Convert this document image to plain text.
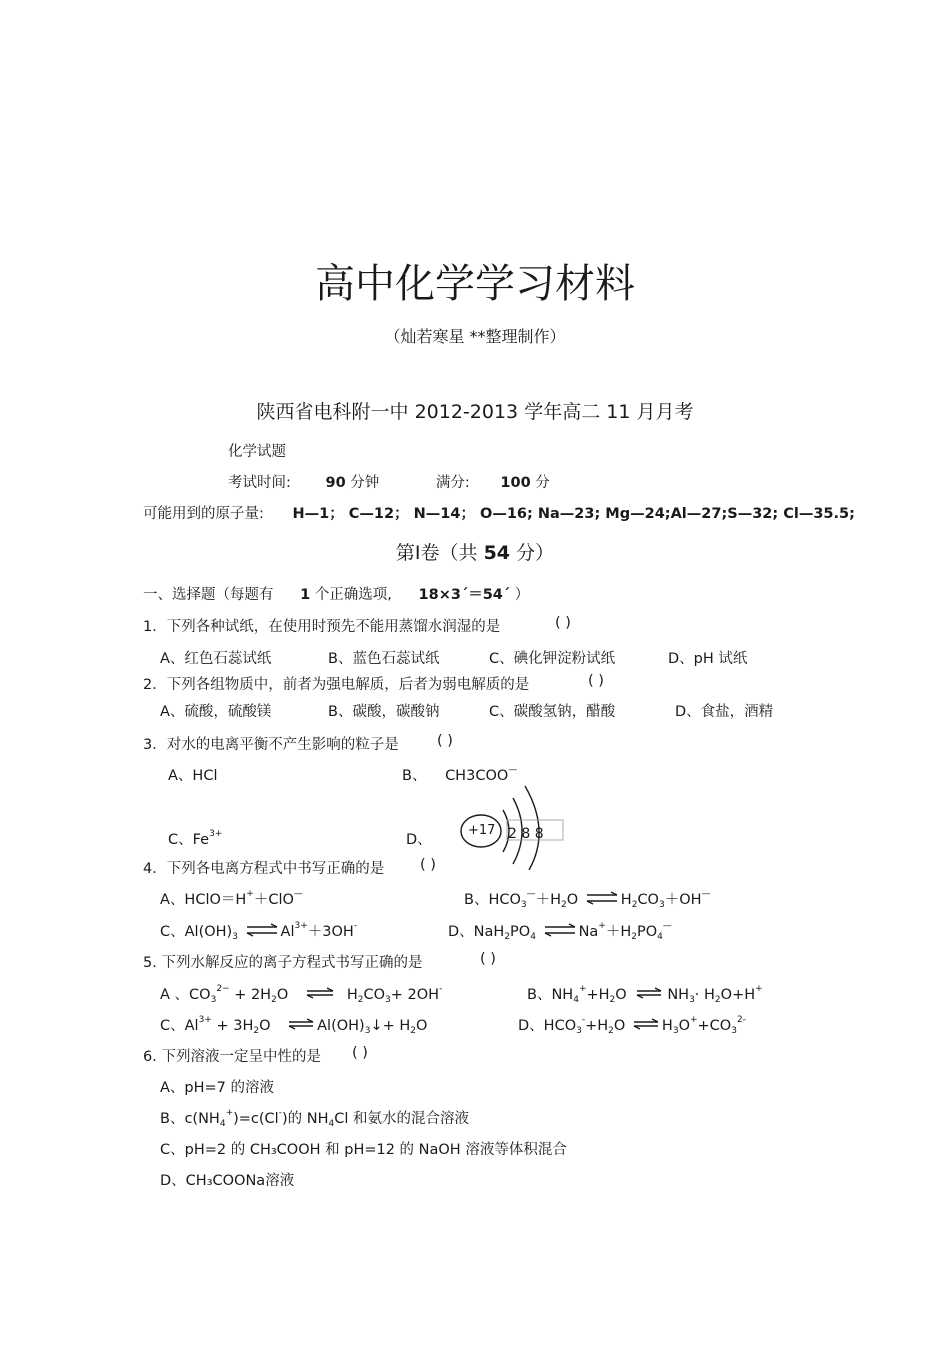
高中化学学习材料
（灿若寒星 **整理制作）
陕西省电科附一中 2012-2013 学年高二 11 月月考
化学试题
考试时间: 90 分钟	满分: 100 分
可能用到的原子量: H—1； C—12； N—14； O—16; Na—23; Mg—24;Al—27;S—32; Cl—35.5;
第Ⅰ卷（共 54 分）
一、选择题（每题有 1 个正确选项, 18×3´＝54´ ）
1．下列各种试纸，在使用时预先不能用蒸馏水润湿的是	( )
A、红色石蕊试纸	B、蓝色石蕊试纸	C、碘化钾淀粉试纸	D、pH 试纸
2．下列各组物质中，前者为强电解质，后者为弱电解质的是	( )
A、硫酸，硫酸镁	B、碳酸，碳酸钠	C、碳酸氢钠，醋酸	D、食盐，酒精
3．对水的电离平衡不产生影响的粒子是	( )
A、HCl	B、 CH3COO—
C、$Fe^{3+}$	D、
+17 2 8 8
4．下列各电离方程式中书写正确的是 ( )
A、HClO＝H+＋ClO—	B、$HCO_3^—+H_2O$ ⇌ $H_2CO_3+OH^—$
C、$Al(OH)_3$ ⇌ $Al^{3+}+3OH^-$	D、$NaH_2PO_4$ ⇌ $Na^++H_2PO_4^—$
5. 下列水解反应的离子方程式书写正确的是	( )
A 、$CO_3^{2-} + 2H_2O$ ⇌ $H_2CO_3+ 2OH^-$	B、$NH_4^++H_2O$ ⇌ $NH_3\cdot H_2O+H^+$
C、$Al^{3+} + 3H_2O$ ⇌ $Al(OH)_3↓+ H_2O$	D、$HCO_3^-+H_2O$ ⇌ $H_3O^++CO_3^{2-}$
6. 下列溶液一定呈中性的是 ( )
A、pH=7 的溶液
B、$c(NH_4^+)=c(Cl^-)$的 $NH_4Cl$ 和氨水的混合溶液
C、pH=2 的 CH₃COOH 和 pH=12 的 NaOH 溶液等体积混合
D、CH₃COONa溶液
